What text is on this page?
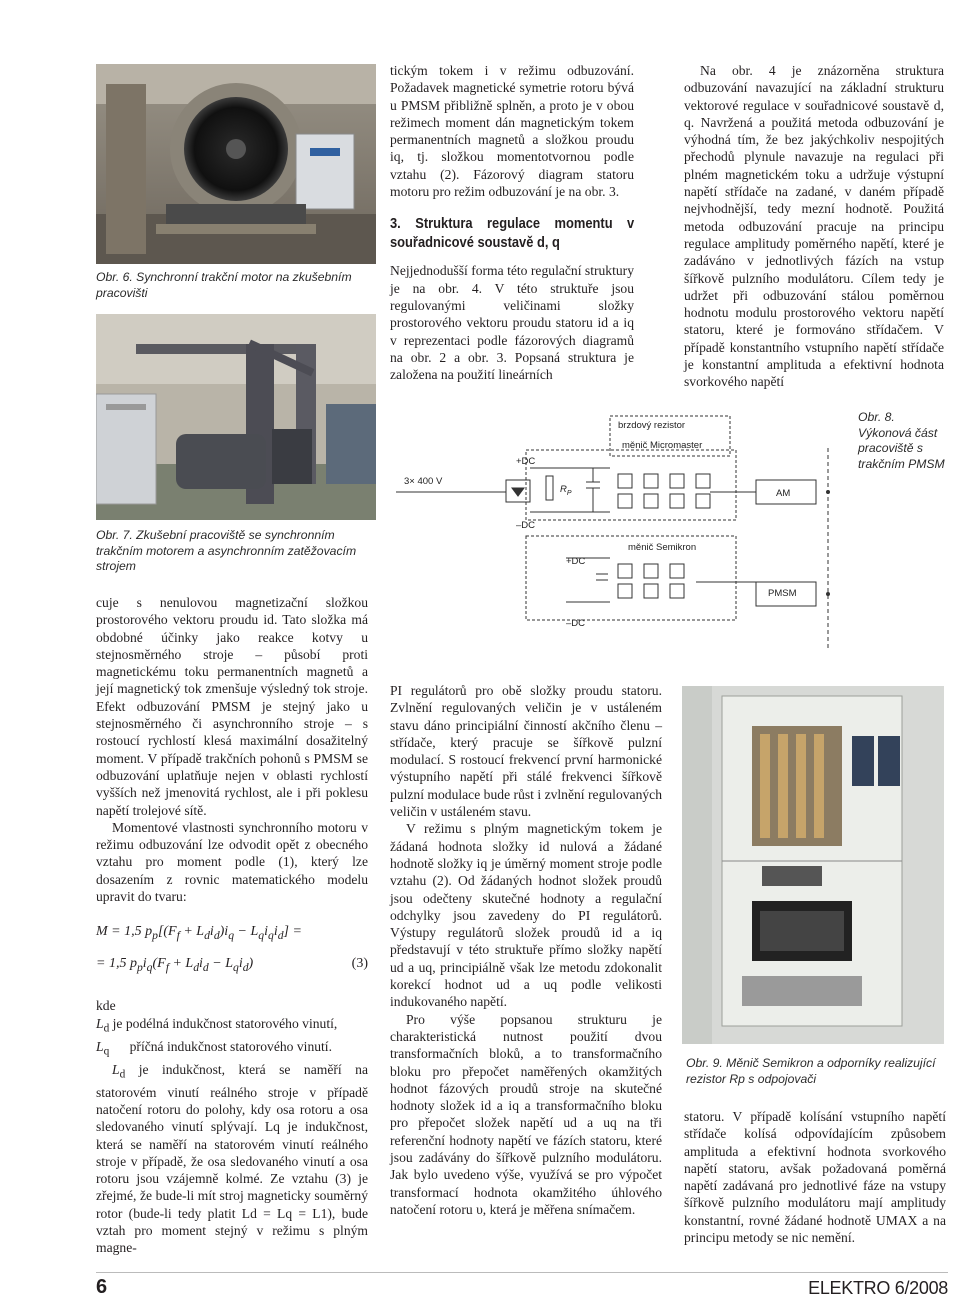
Obr. 6. Synchronní trakční motor na zkušebním pracovišti
Obr. 7. Zkušební pracoviště se synchronním trakčním motorem a asynchronním zatěžovacím strojem
Obr. 9. Měnič Semikron a odporníky realizující rezistor Rp s odpojovači

tickým tokem i v režimu odbuzování. Požadavek magnetické symetrie rotoru bývá u PMSM přibližně splněn, a proto je v obou režimech moment dán magnetickým tokem permanentních magnetů a složkou proudu iq, tj. složkou momentotvornou podle vztahu (2). Fázorový diagram statoru motoru pro režim odbuzování je na obr. 3.

3. Struktura regulace momentu v souřadnicové soustavě d, q

Nejjednodušší forma této regulační struktury je na obr. 4. V této struktuře jsou regulovanými veličinami složky prostorového vektoru proudu statoru id a iq v reprezentaci podle fázorových diagramů na obr. 2 a obr. 3. Popsaná struktura je založena na použití lineárních

Na obr. 4 je znázorněna struktura odbuzování navazující na základní strukturu vektorové regulace v souřadnicové soustavě d, q. Navržená a použitá metoda odbuzování je výhodná tím, že bez jakýchkoliv nespojitých přechodů plynule navazuje na regulaci při plném magnetickém toku a udržuje výstupní napětí střídače na zadané, v daném případě nejvhodnější, tedy mezní hodnotě. Použitá metoda odbuzování pracuje na principu regulace amplitudy poměrného napětí, které je zadáváno v jednotlivých fázích na vstup šířkově pulzního modulátoru. Cílem tedy je udržet při odbuzování stálou poměrnou hodnotu modulu prostorového vektoru napětí statoru, které je formováno střídačem. V případě konstantního vstupního napětí střídače je konstantní amplituda a efektivní hodnota svorkového napětí

3× 400 V
+DC
–DC
brzdový rezistor
měnič Micromaster
$R_P$	AM
měnič Semikron
+DC
–DC
PMSM
Obr. 8. Výkonová část pracoviště s trakčním PMSM

cuje s nenulovou magnetizační složkou prostorového vektoru proudu id. Tato složka má obdobné účinky jako reakce kotvy u stejnosměrného stroje – působí proti magnetickému toku permanentních magnetů a její magnetický tok zmenšuje výsledný tok stroje. Efekt odbuzování PMSM je stejný jako u stejnosměrného či asynchronního stroje – s rostoucí rychlostí klesá maximální dosažitelný moment. V případě trakčních pohonů s PMSM se odbuzování uplatňuje nejen v oblasti rychlostí vyšších než jmenovitá rychlost, ale i při poklesu napětí trolejové sítě.

Momentové vlastnosti synchronního motoru v režimu odbuzování lze odvodit opět z obecného vztahu pro moment podle (1), který lze dosazením z rovnic matematického modelu upravit do tvaru:

M = 1,5 $p_p[(F_f + L_di_d)i_q - L_qi_qi_d]$ =
= 1,5 $p_pi_q(F_f + L_di_d - L_qi_d)$	(3)

kde

$L_d$ je podélná indukčnost statorového vinutí,

$L_q$ příčná indukčnost statorového vinutí.

$L_d$ je indukčnost, která se naměří na statorovém vinutí reálného stroje v případě natočení rotoru do polohy, kdy osa rotoru a osa sledovaného vinutí splývají. Lq je indukčnost, která se naměří na statorovém vinutí reálného stroje v případě, že osa sledovaného vinutí a osa rotoru jsou vzájemně kolmé. Ze vztahu (3) je zřejmé, že bude-li mít stroj magneticky souměrný rotor (bude-li tedy platit Ld = Lq = L1), bude vztah pro moment stejný v režimu s plným magne-

PI regulátorů pro obě složky proudu statoru. Zvlnění regulovaných veličin je v ustáleném stavu dáno principiální činností akčního členu – střídače, který pracuje se šířkově pulzní modulací. S rostoucí frekvencí první harmonické výstupního napětí při stálé frekvenci šířkově pulzní modulace bude růst i zvlnění regulovaných veličin v ustáleném stavu.

V režimu s plným magnetickým tokem je žádaná hodnota složky id nulová a žádané hodnotě složky iq je úměrný moment stroje podle vztahu (2). Od žádaných hodnot složek proudů jsou odečteny skutečné hodnoty a regulační odchylky jsou zavedeny do PI regulátorů. Výstupy regulátorů složek proudů id a iq představují v této struktuře přímo složky napětí ud a uq, principiálně však lze metodu zdokonalit korekcí hodnot ud a uq podle velikosti indukovaného napětí.

Pro výše popsanou strukturu je charakteristická nutnost použití dvou transformačních bloků, a to transformačního bloku pro přepočet naměřených okamžitých hodnot fázových proudů stroje na skutečné hodnoty složek id a iq a transformačního bloku pro přepočet složek napětí ud a uq na tři referenční hodnoty napětí ve fázích statoru, které jsou zadávány do šířkově pulzního modulátoru. Jak bylo uvedeno výše, využívá se pro výpočet transformací hodnota okamžitého úhlového natočení rotoru υ, která je měřena snímačem.

statoru. V případě kolísání vstupního napětí střídače kolísá odpovídajícím způsobem amplituda a efektivní hodnota svorkového napětí statoru, avšak požadovaná poměrná napětí zadávaná pro jednotlivé fáze na vstupy šířkově pulzního modulátoru mají amplitudy konstantní, rovné žádané hodnotě UMAX a na principu metody se nic nemění.

6	ELEKTRO 6/2008
